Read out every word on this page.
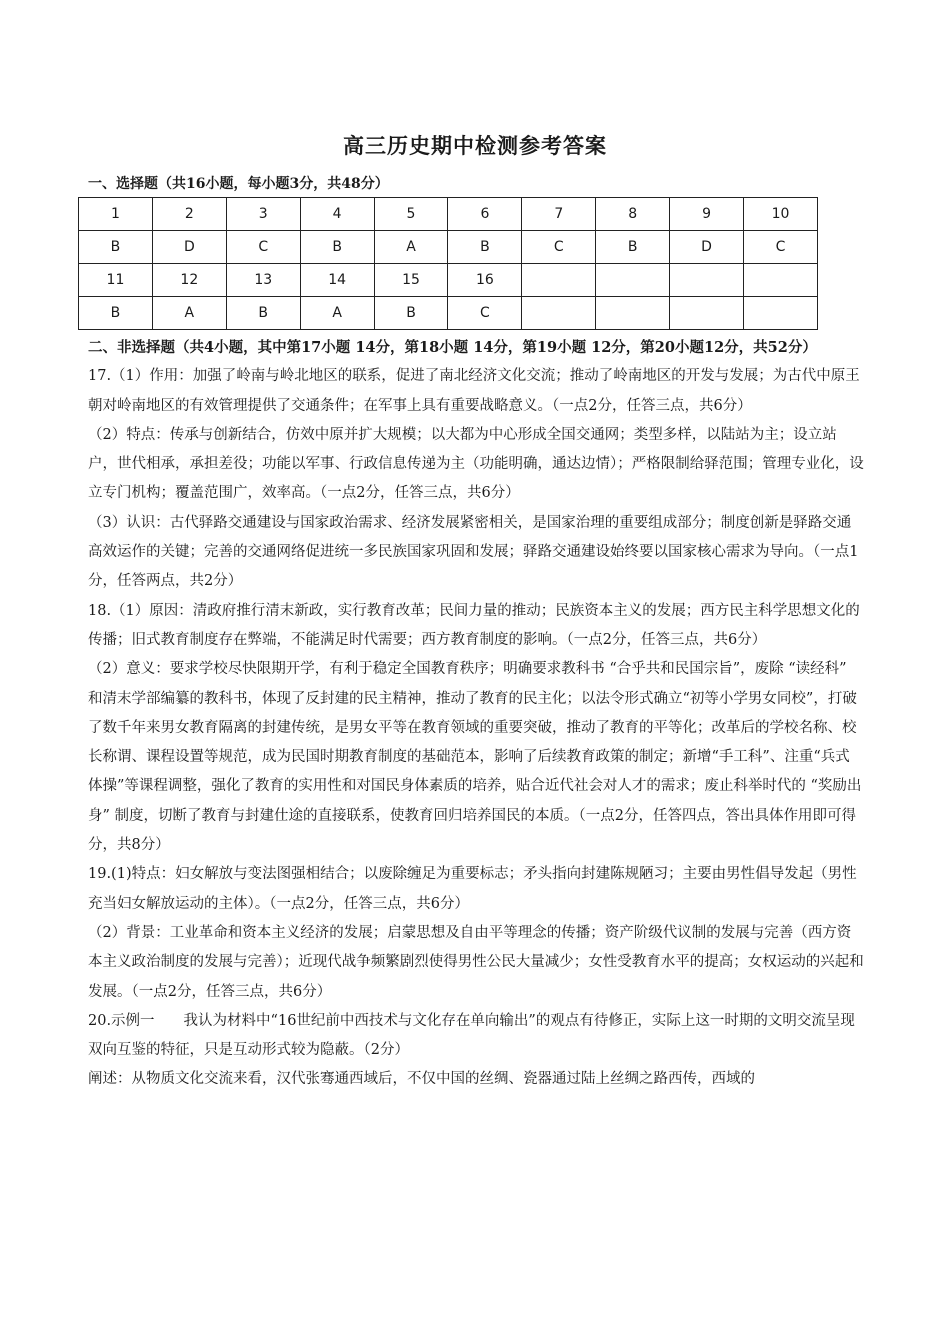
高三历史期中检测参考答案
一、选择题（共16小题，每小题3分，共48分）
1	2	3	4	5	6	7	8	9	10
B	D	C	B	A	B	C	B	D	C
11	12	13	14	15	16				
B	A	B	A	B	C				

二、非选择题（共4小题，其中第17小题 14分，第18小题 14分，第19小题 12分，第20小题12分，共52分）

17.（1）作用：加强了岭南与岭北地区的联系，促进了南北经济文化交流；推动了岭南地区的开发与发展；为古代中原王朝对岭南地区的有效管理提供了交通条件；在军事上具有重要战略意义。（一点2分，任答三点，共6分）

（2）特点：传承与创新结合，仿效中原并扩大规模；以大都为中心形成全国交通网；类型多样，以陆站为主；设立站户，世代相承，承担差役；功能以军事、行政信息传递为主（功能明确，通达边情）；严格限制给驿范围；管理专业化，设立专门机构；覆盖范围广，效率高。（一点2分，任答三点，共6分）

（3）认识：古代驿路交通建设与国家政治需求、经济发展紧密相关，是国家治理的重要组成部分；制度创新是驿路交通高效运作的关键；完善的交通网络促进统一多民族国家巩固和发展；驿路交通建设始终要以国家核心需求为导向。（一点1分，任答两点，共2分）

18.（1）原因：清政府推行清末新政，实行教育改革；民间力量的推动；民族资本主义的发展；西方民主科学思想文化的传播；旧式教育制度存在弊端，不能满足时代需要；西方教育制度的影响。（一点2分，任答三点，共6分）

（2）意义：要求学校尽快限期开学，有利于稳定全国教育秩序；明确要求教科书 “合乎共和民国宗旨”，废除 “读经科” 和清末学部编纂的教科书，体现了反封建的民主精神，推动了教育的民主化；以法令形式确立“初等小学男女同校”，打破了数千年来男女教育隔离的封建传统，是男女平等在教育领域的重要突破，推动了教育的平等化；改革后的学校名称、校长称谓、课程设置等规范，成为民国时期教育制度的基础范本，影响了后续教育政策的制定；新增“手工科”、注重“兵式体操”等课程调整，强化了教育的实用性和对国民身体素质的培养，贴合近代社会对人才的需求；废止科举时代的 “奖励出身” 制度，切断了教育与封建仕途的直接联系，使教育回归培养国民的本质。（一点2分，任答四点，答出具体作用即可得分，共8分）

19.(1)特点：妇女解放与变法图强相结合；以废除缠足为重要标志；矛头指向封建陈规陋习；主要由男性倡导发起（男性充当妇女解放运动的主体）。（一点2分，任答三点，共6分）

（2）背景：工业革命和资本主义经济的发展；启蒙思想及自由平等理念的传播；资产阶级代议制的发展与完善（西方资本主义政治制度的发展与完善）；近现代战争频繁剧烈使得男性公民大量减少；女性受教育水平的提高；女权运动的兴起和发展。（一点2分，任答三点，共6分）

20.示例一　　我认为材料中“16世纪前中西技术与文化存在单向输出”的观点有待修正，实际上这一时期的文明交流呈现双向互鉴的特征，只是互动形式较为隐蔽。（2分）

阐述：从物质文化交流来看，汉代张骞通西域后，不仅中国的丝绸、瓷器通过陆上丝绸之路西传，西域的
